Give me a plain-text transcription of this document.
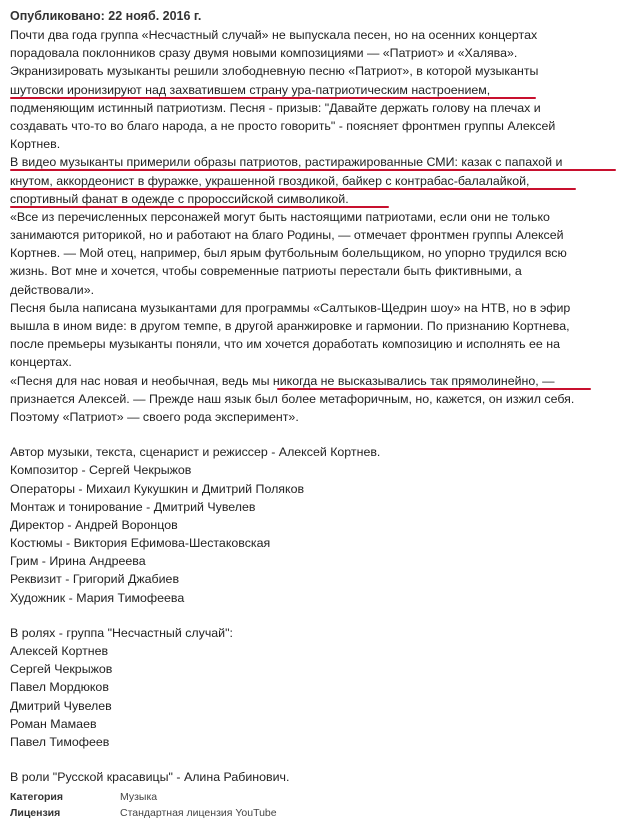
Опубликовано: 22 нояб. 2016 г.
Почти два года группа «Несчастный случай» не выпускала песен, но на осенних концертах
порадовала поклонников сразу двумя новыми композициями — «Патриот» и «Халява».
Экранизировать музыканты решили злободневную песню «Патриот», в которой музыканты
шутовски иронизируют над захватившем страну ура-патриотическим настроением,
подменяющим истинный патриотизм. Песня - призыв: "Давайте держать голову на плечах и
создавать что-то во благо народа, а не просто говорить" - поясняет фронтмен группы Алексей
Кортнев.
В видео музыканты примерили образы патриотов, растиражированные СМИ: казак с папахой и
кнутом, аккордеонист в фуражке, украшенной гвоздикой, байкер с контрабас-балалайкой,
спортивный фанат в одежде с пророссийской символикой.
«Все из перечисленных персонажей могут быть настоящими патриотами, если они не только
занимаются риторикой, но и работают на благо Родины, — отмечает фронтмен группы Алексей
Кортнев. — Мой отец, например, был ярым футбольным болельщиком, но упорно трудился всю
жизнь. Вот мне и хочется, чтобы современные патриоты перестали быть фиктивными, а
действовали».
Песня была написана музыкантами для программы «Салтыков-Щедрин шоу» на НТВ, но в эфир
вышла в ином виде: в другом темпе, в другой аранжировке и гармонии. По признанию Кортнева,
после премьеры музыканты поняли, что им хочется доработать композицию и исполнять ее на
концертах.
«Песня для нас новая и необычная, ведь мы никогда не высказывались так прямолинейно, —
признается Алексей. — Прежде наш язык был более метафоричным, но, кажется, он изжил себя.
Поэтому «Патриот» — своего рода эксперимент».
Автор музыки, текста, сценарист и режиссер - Алексей Кортнев.
Композитор - Сергей Чекрыжов
Операторы - Михаил Кукушкин и Дмитрий Поляков
Монтаж и тонирование - Дмитрий Чувелев
Директор - Андрей Воронцов
Костюмы - Виктория Ефимова-Шестаковская
Грим - Ирина Андреева
Реквизит - Григорий Джабиев
Художник - Мария Тимофеева
В ролях - группа "Несчастный случай":
Алексей Кортнев
Сергей Чекрыжов
Павел Мордюков
Дмитрий Чувелев
Роман Мамаев
Павел Тимофеев
В роли "Русской красавицы" - Алина Рабинович.
Категория	Музыка
Лицензия	Стандартная лицензия YouTube
